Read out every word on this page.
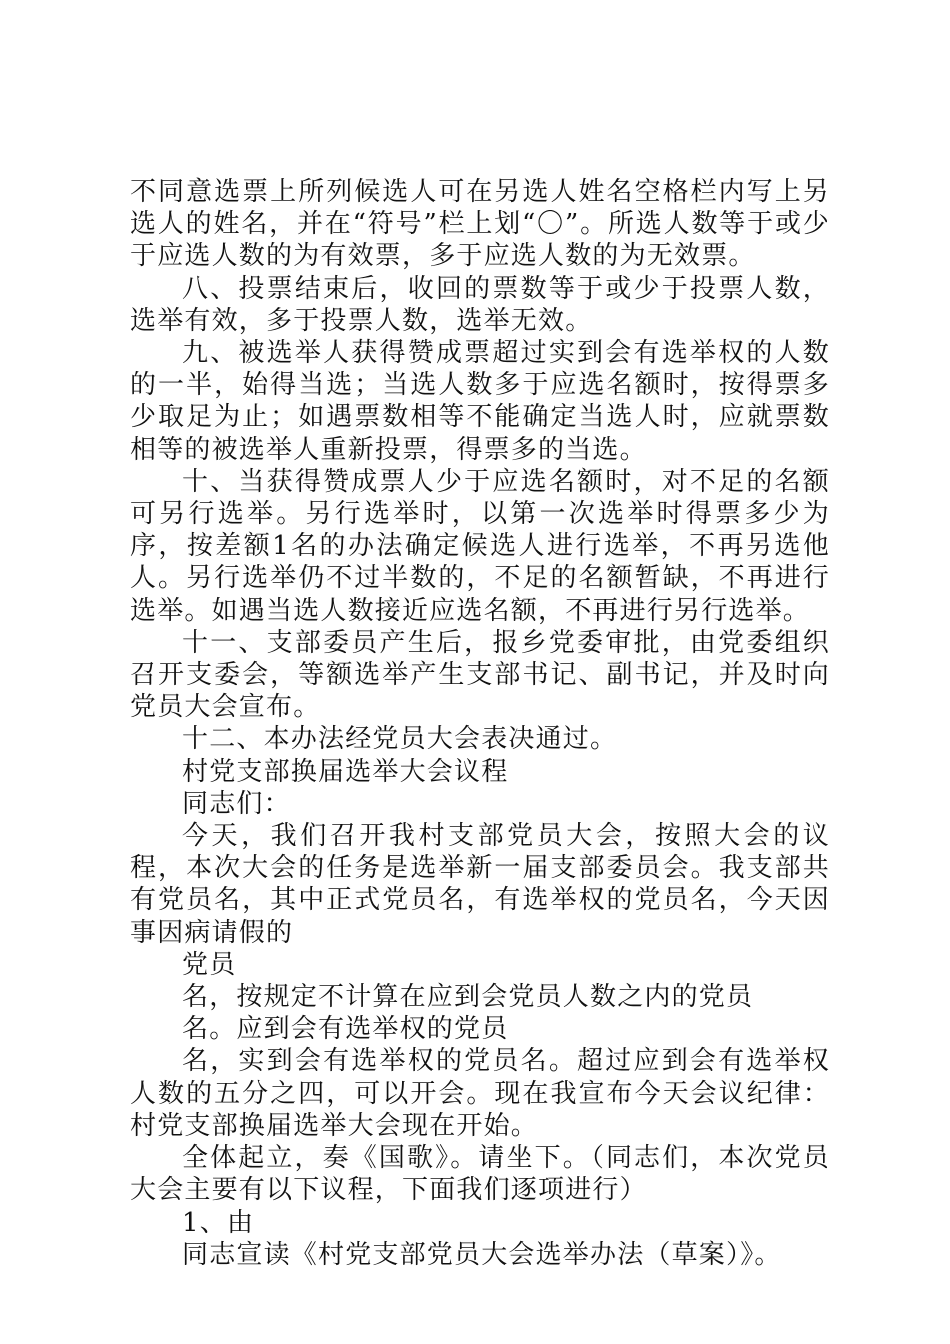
不同意选票上所列候选人可在另选人姓名空格栏内写上另选人的姓名，并在“符号”栏上划“〇”。所选人数等于或少于应选人数的为有效票，多于应选人数的为无效票。

八、投票结束后，收回的票数等于或少于投票人数，选举有效，多于投票人数，选举无效。

九、被选举人获得赞成票超过实到会有选举权的人数的一半，始得当选；当选人数多于应选名额时，按得票多少取足为止；如遇票数相等不能确定当选人时，应就票数相等的被选举人重新投票，得票多的当选。

十、当获得赞成票人少于应选名额时，对不足的名额可另行选举。另行选举时，以第一次选举时得票多少为序，按差额1名的办法确定候选人进行选举，不再另选他人。另行选举仍不过半数的，不足的名额暂缺，不再进行选举。如遇当选人数接近应选名额，不再进行另行选举。

十一、支部委员产生后，报乡党委审批，由党委组织召开支委会，等额选举产生支部书记、副书记，并及时向党员大会宣布。

十二、本办法经党员大会表决通过。

村党支部换届选举大会议程

同志们：

今天，我们召开我村支部党员大会，按照大会的议程，本次大会的任务是选举新一届支部委员会。我支部共有党员名，其中正式党员名，有选举权的党员名，今天因事因病请假的

党员

名，按规定不计算在应到会党员人数之内的党员

名。应到会有选举权的党员

名，实到会有选举权的党员名。超过应到会有选举权人数的五分之四，可以开会。现在我宣布今天会议纪律：村党支部换届选举大会现在开始。

全体起立，奏《国歌》。请坐下。（同志们，本次党员大会主要有以下议程，下面我们逐项进行）

1、由

同志宣读《村党支部党员大会选举办法（草案）》。
